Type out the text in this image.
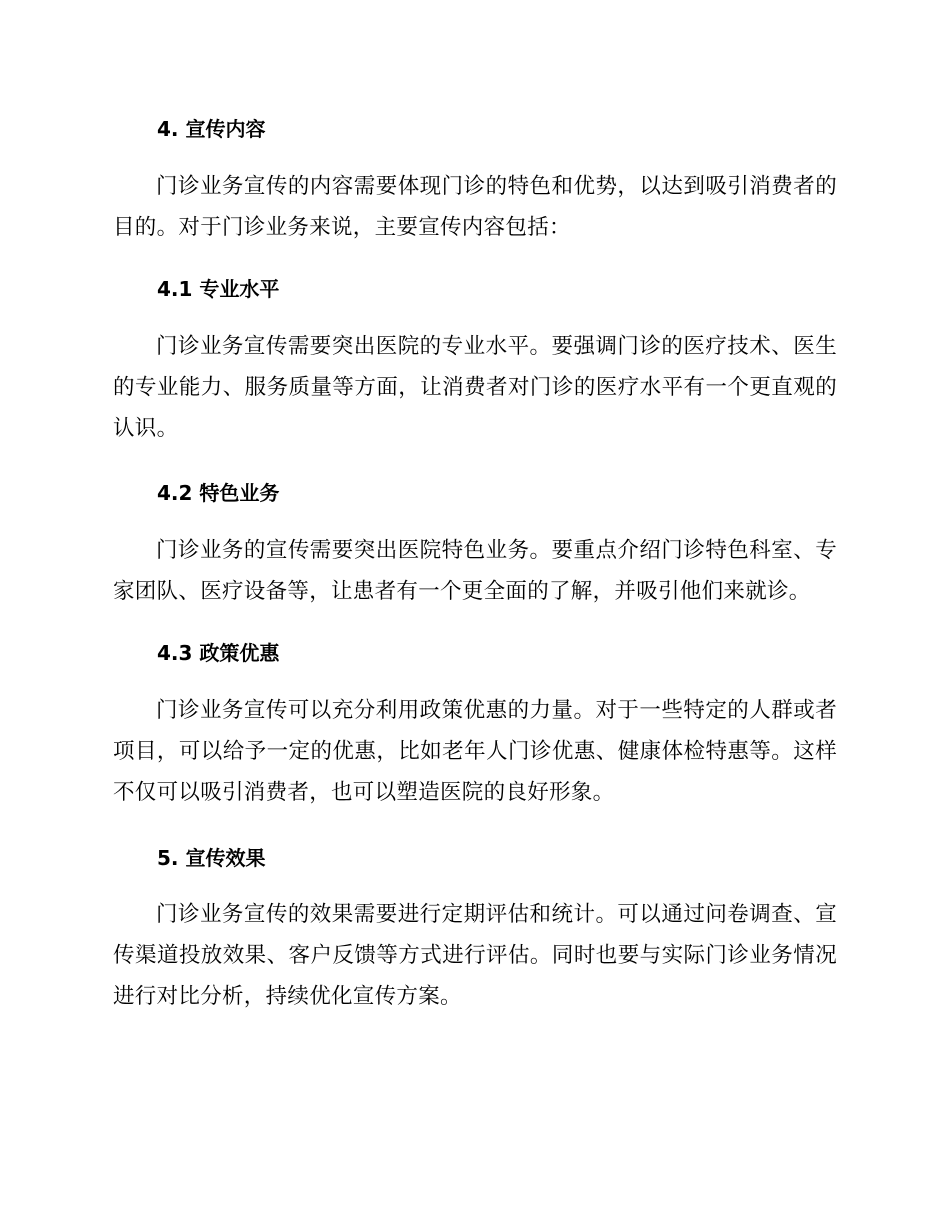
4. 宣传内容

门诊业务宣传的内容需要体现门诊的特色和优势，以达到吸引消费者的目的。对于门诊业务来说，主要宣传内容包括：

4.1 专业水平

门诊业务宣传需要突出医院的专业水平。要强调门诊的医疗技术、医生的专业能力、服务质量等方面，让消费者对门诊的医疗水平有一个更直观的认识。

4.2 特色业务

门诊业务的宣传需要突出医院特色业务。要重点介绍门诊特色科室、专家团队、医疗设备等，让患者有一个更全面的了解，并吸引他们来就诊。

4.3 政策优惠

门诊业务宣传可以充分利用政策优惠的力量。对于一些特定的人群或者项目，可以给予一定的优惠，比如老年人门诊优惠、健康体检特惠等。这样不仅可以吸引消费者，也可以塑造医院的良好形象。

5. 宣传效果

门诊业务宣传的效果需要进行定期评估和统计。可以通过问卷调查、宣传渠道投放效果、客户反馈等方式进行评估。同时也要与实际门诊业务情况进行对比分析，持续优化宣传方案。
